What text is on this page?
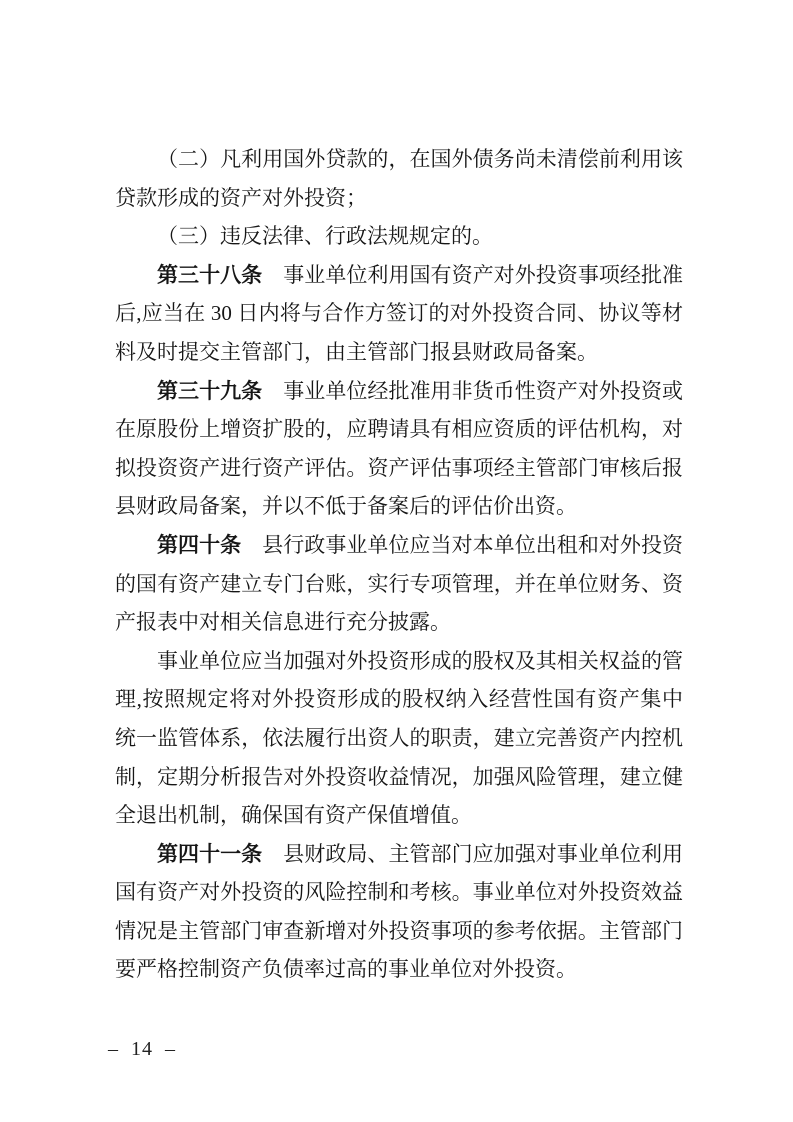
（二）凡利用国外贷款的，在国外债务尚未清偿前利用该贷款形成的资产对外投资；

（三）违反法律、行政法规规定的。

第三十八条　事业单位利用国有资产对外投资事项经批准后,应当在 30 日内将与合作方签订的对外投资合同、协议等材料及时提交主管部门，由主管部门报县财政局备案。

第三十九条　事业单位经批准用非货币性资产对外投资或在原股份上增资扩股的，应聘请具有相应资质的评估机构，对拟投资资产进行资产评估。资产评估事项经主管部门审核后报县财政局备案，并以不低于备案后的评估价出资。

第四十条　县行政事业单位应当对本单位出租和对外投资的国有资产建立专门台账，实行专项管理，并在单位财务、资产报表中对相关信息进行充分披露。

事业单位应当加强对外投资形成的股权及其相关权益的管理,按照规定将对外投资形成的股权纳入经营性国有资产集中统一监管体系，依法履行出资人的职责，建立完善资产内控机制，定期分析报告对外投资收益情况，加强风险管理，建立健全退出机制，确保国有资产保值增值。

第四十一条　县财政局、主管部门应加强对事业单位利用国有资产对外投资的风险控制和考核。事业单位对外投资效益情况是主管部门审查新增对外投资事项的参考依据。主管部门要严格控制资产负债率过高的事业单位对外投资。

–  14  –
